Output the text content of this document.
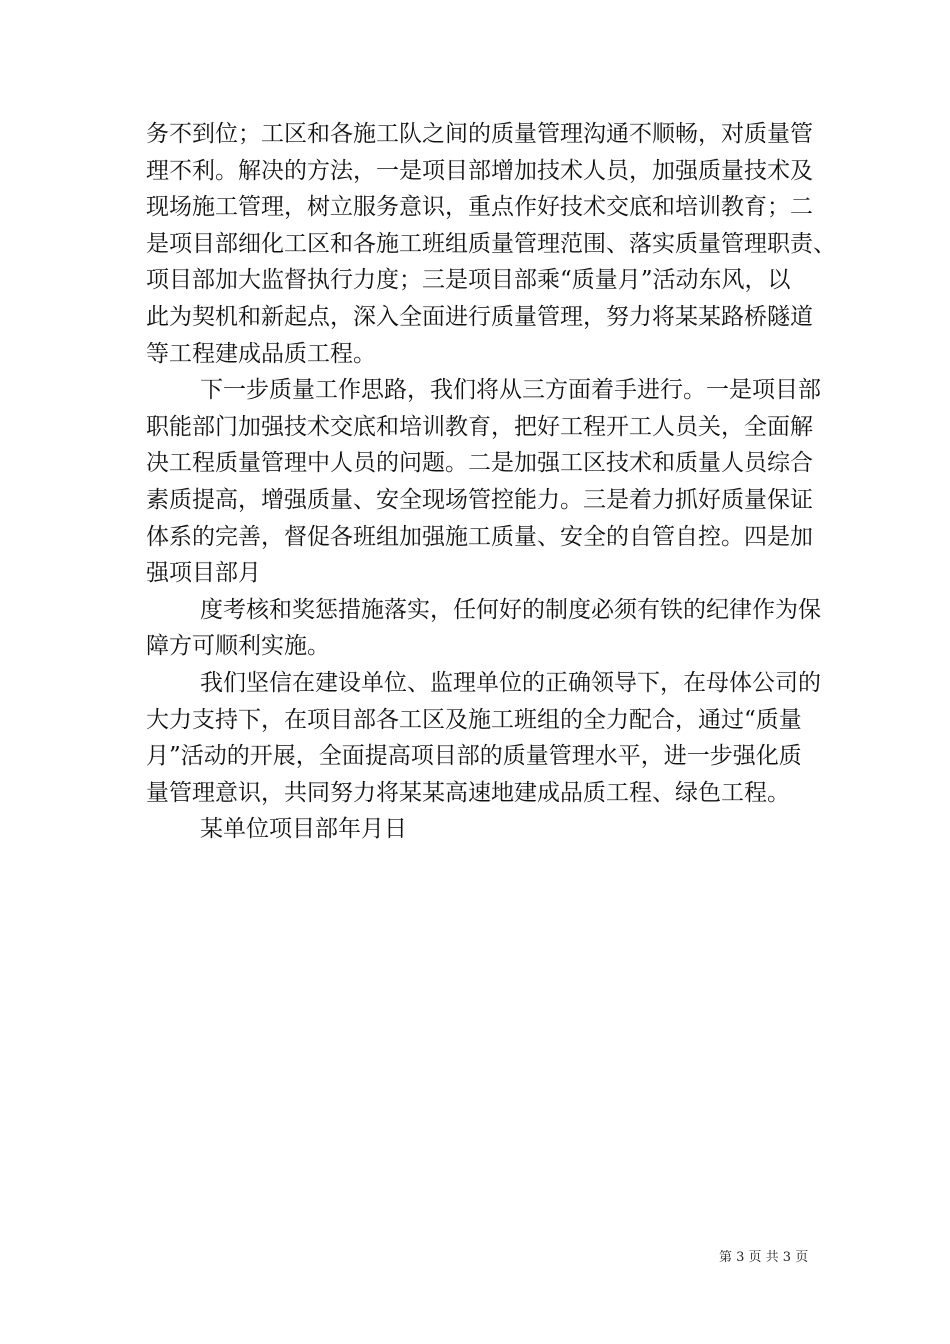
务不到位；工区和各施工队之间的质量管理沟通不顺畅，对质量管
理不利。解决的方法，一是项目部增加技术人员，加强质量技术及
现场施工管理，树立服务意识，重点作好技术交底和培训教育；二
是项目部细化工区和各施工班组质量管理范围、落实质量管理职责、
项目部加大监督执行力度；三是项目部乘“质量月”活动东风，以
此为契机和新起点，深入全面进行质量管理，努力将某某路桥隧道
等工程建成品质工程。
下一步质量工作思路，我们将从三方面着手进行。一是项目部
职能部门加强技术交底和培训教育，把好工程开工人员关，全面解
决工程质量管理中人员的问题。二是加强工区技术和质量人员综合
素质提高，增强质量、安全现场管控能力。三是着力抓好质量保证
体系的完善，督促各班组加强施工质量、安全的自管自控。四是加
强项目部月
度考核和奖惩措施落实，任何好的制度必须有铁的纪律作为保
障方可顺利实施。
我们坚信在建设单位、监理单位的正确领导下，在母体公司的
大力支持下，在项目部各工区及施工班组的全力配合，通过“质量
月”活动的开展，全面提高项目部的质量管理水平，进一步强化质
量管理意识，共同努力将某某高速地建成品质工程、绿色工程。
某单位项目部年月日
第 3 页 共 3 页
